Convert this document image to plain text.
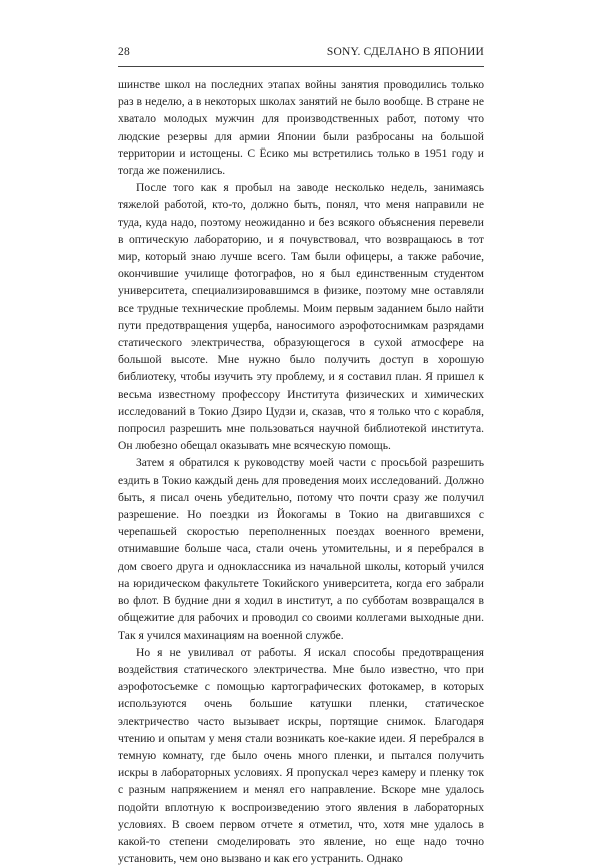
28	SONY. СДЕЛАНО В ЯПОНИИ

шинстве школ на последних этапах войны занятия проводились только раз в неделю, а в некоторых школах занятий не было вообще. В стране не хватало молодых мужчин для производственных работ, потому что людские резервы для армии Японии были разбросаны на большой территории и истощены. С Ёсико мы встретились только в 1951 году и тогда же поженились.

После того как я пробыл на заводе несколько недель, занимаясь тяжелой работой, кто-то, должно быть, понял, что меня направили не туда, куда надо, поэтому неожиданно и без всякого объяснения перевели в оптическую лабораторию, и я почувствовал, что возвращаюсь в тот мир, который знаю лучше всего. Там были офицеры, а также рабочие, окончившие училище фотографов, но я был единственным студентом университета, специализировавшимся в физике, поэтому мне оставляли все трудные технические проблемы. Моим первым заданием было найти пути предотвращения ущерба, наносимого аэрофотоснимкам разрядами статического электричества, образующегося в сухой атмосфере на большой высоте. Мне нужно было получить доступ в хорошую библиотеку, чтобы изучить эту проблему, и я составил план. Я пришел к весьма известному профессору Института физических и химических исследований в Токио Дзиро Цудзи и, сказав, что я только что с корабля, попросил разрешить мне пользоваться научной библиотекой института. Он любезно обещал оказывать мне всяческую помощь.

Затем я обратился к руководству моей части с просьбой разрешить ездить в Токио каждый день для проведения моих исследований. Должно быть, я писал очень убедительно, потому что почти сразу же получил разрешение. Но поездки из Йокогамы в Токио на двигавшихся с черепашьей скоростью переполненных поездах военного времени, отнимавшие больше часа, стали очень утомительны, и я перебрался в дом своего друга и одноклассника из начальной школы, который учился на юридическом факультете Токийского университета, когда его забрали во флот. В будние дни я ходил в институт, а по субботам возвращался в общежитие для рабочих и проводил со своими коллегами выходные дни. Так я учился махинациям на военной службе.

Но я не увиливал от работы. Я искал способы предотвращения воздействия статического электричества. Мне было известно, что при аэрофотосъемке с помощью картографических фотокамер, в которых используются очень большие катушки пленки, статическое электричество часто вызывает искры, портящие снимок. Благодаря чтению и опытам у меня стали возникать кое-какие идеи. Я перебрался в темную комнату, где было очень много пленки, и пытался получить искры в лабораторных условиях. Я пропускал через камеру и пленку ток с разным напряжением и менял его направление. Вскоре мне удалось подойти вплотную к воспроизведению этого явления в лабораторных условиях. В своем первом отчете я отметил, что, хотя мне удалось в какой-то степени смоделировать это явление, но еще надо точно установить, чем оно вызвано и как его устранить. Однако
